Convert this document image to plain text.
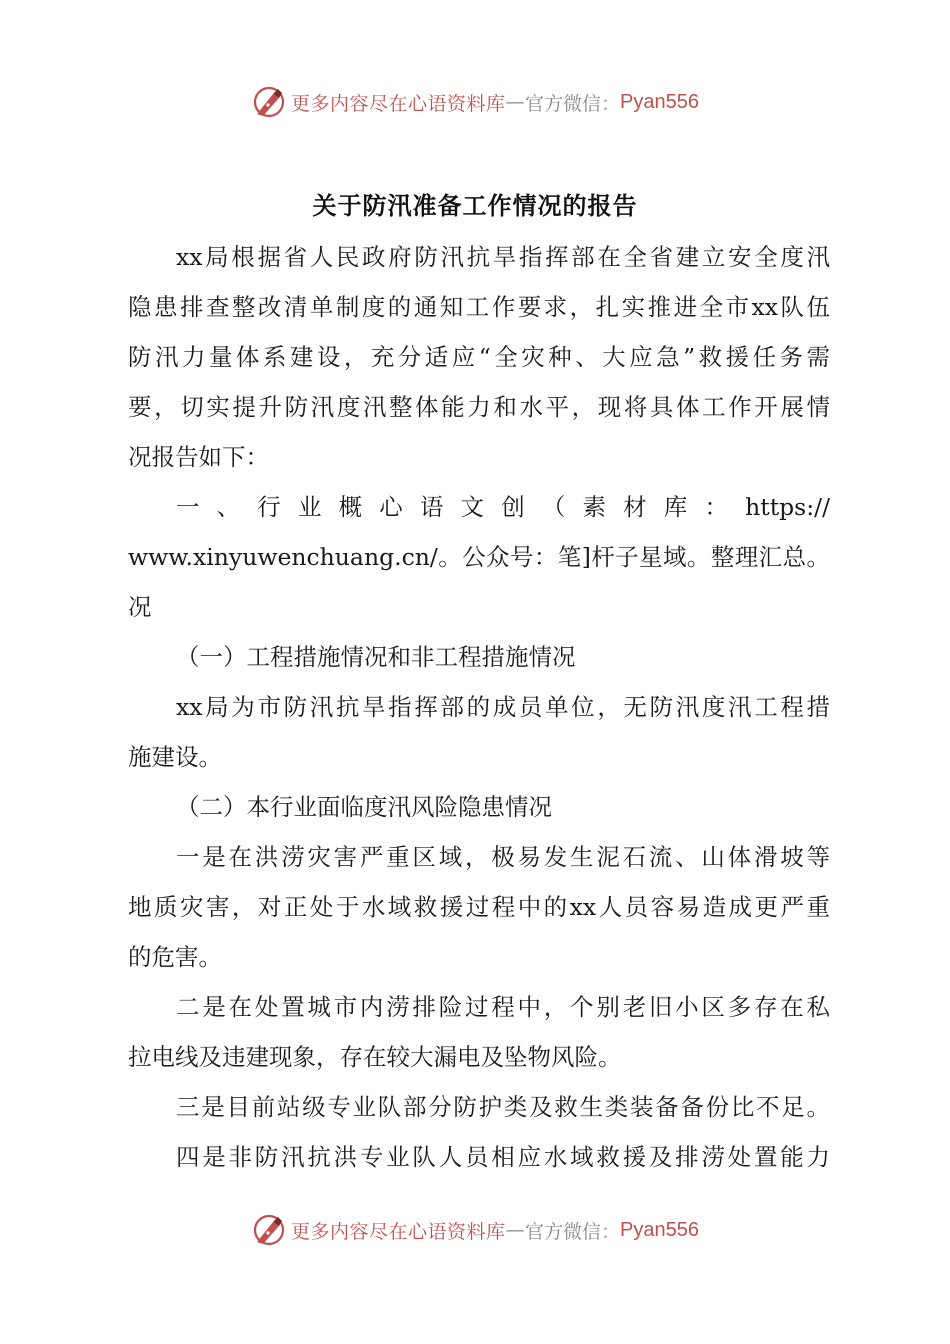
更多内容尽在心语资料库 — 官方微信： Pyan556
关于防汛准备工作情况的报告
xx局根据省人民政府防汛抗旱指挥部在全省建立安全度汛
隐患排查整改清单制度的通知工作要求，扎实推进全市xx队伍
防汛力量体系建设，充分适应“全灾种、大应急”救援任务需
要，切实提升防汛度汛整体能力和水平，现将具体工作开展情
况报告如下：
一 、 行 业 概 心 语 文 创 （ 素 材 库 ： https://
www.xinyuwenchuang.cn/。公众号：笔]杆子星域。整理汇总。
况
（一）工程措施情况和非工程措施情况
xx局为市防汛抗旱指挥部的成员单位，无防汛度汛工程措
施建设。
（二）本行业面临度汛风险隐患情况
一是在洪涝灾害严重区域，极易发生泥石流、山体滑坡等
地质灾害，对正处于水域救援过程中的xx人员容易造成更严重
的危害。
二是在处置城市内涝排险过程中，个别老旧小区多存在私
拉电线及违建现象，存在较大漏电及坠物风险。
三是目前站级专业队部分防护类及救生类装备备份比不足。
四是非防汛抗洪专业队人员相应水域救援及排涝处置能力
更多内容尽在心语资料库 — 官方微信： Pyan556
